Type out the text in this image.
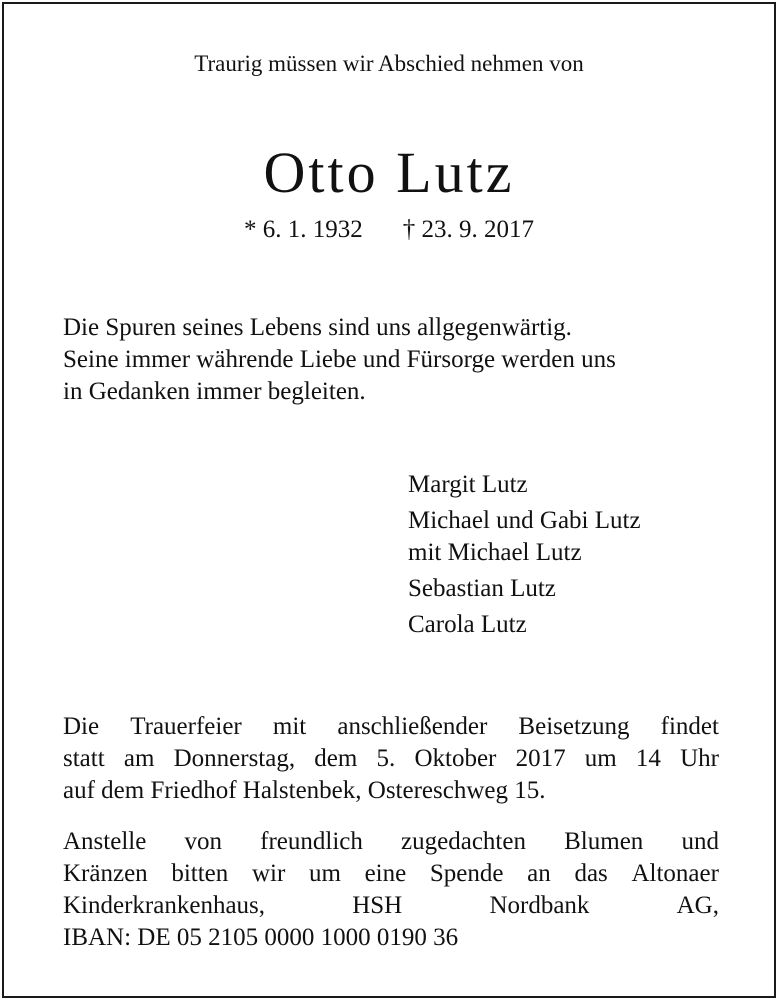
Traurig müssen wir Abschied nehmen von
Otto Lutz
* 6. 1. 1932 † 23. 9. 2017
Die Spuren seines Lebens sind uns allgegenwärtig.
Seine immer währende Liebe und Fürsorge werden uns
in Gedanken immer begleiten.
Margit Lutz
Michael und Gabi Lutz
mit Michael Lutz
Sebastian Lutz
Carola Lutz
Die Trauerfeier mit anschließender Beisetzung findet
statt am Donnerstag, dem 5. Oktober 2017 um 14 Uhr
auf dem Friedhof Halstenbek, Ostereschweg 15.
Anstelle von freundlich zugedachten Blumen und
Kränzen bitten wir um eine Spende an das Altonaer
Kinderkrankenhaus,	HSH	Nordbank	AG,
IBAN: DE 05 2105 0000 1000 0190 36
